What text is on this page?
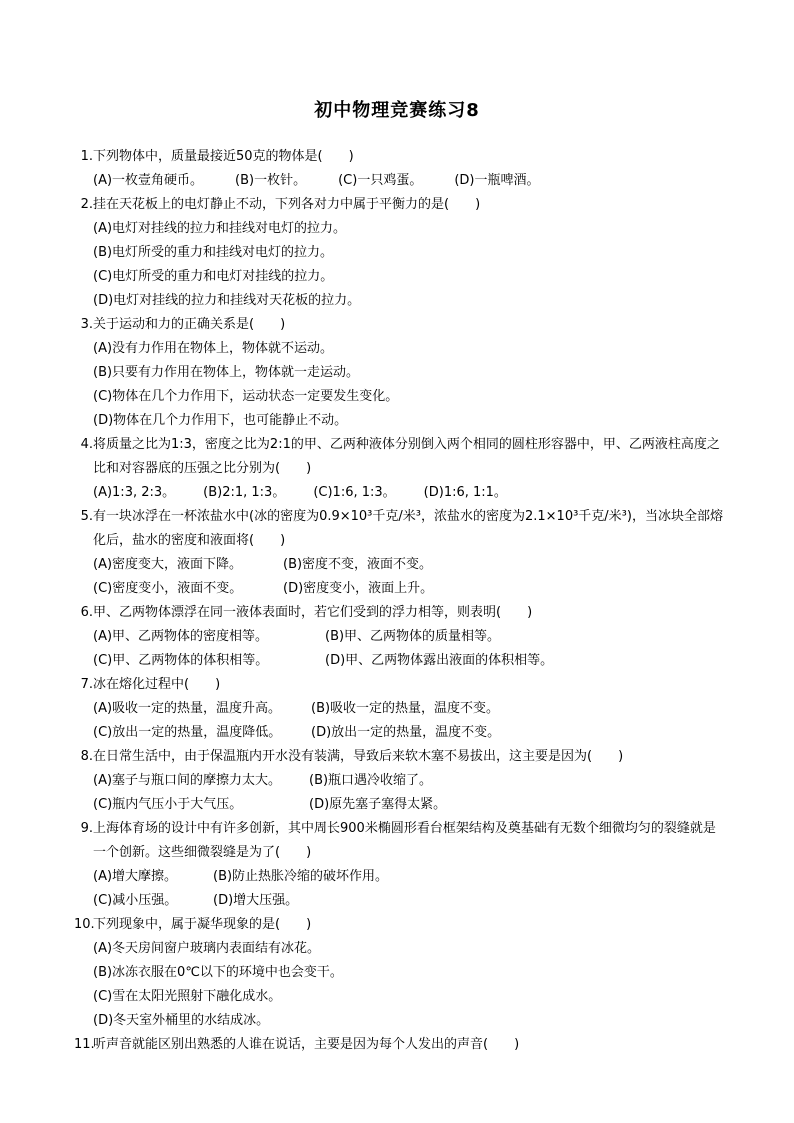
初中物理竞赛练习8
1. 下列物体中，质量最接近50克的物体是(　　)
(A)一枚壹角硬币。 (B)一枚针。 (C)一只鸡蛋。 (D)一瓶啤酒。
2. 挂在天花板上的电灯静止不动，下列各对力中属于平衡力的是(　　)
(A)电灯对挂线的拉力和挂线对电灯的拉力。
(B)电灯所受的重力和挂线对电灯的拉力。
(C)电灯所受的重力和电灯对挂线的拉力。
(D)电灯对挂线的拉力和挂线对天花板的拉力。
3. 关于运动和力的正确关系是(　　)
(A)没有力作用在物体上，物体就不运动。
(B)只要有力作用在物体上，物体就一走运动。
(C)物体在几个力作用下，运动状态一定要发生变化。
(D)物体在几个力作用下，也可能静止不动。
4. 将质量之比为1:3，密度之比为2:1的甲、乙两种液体分别倒入两个相同的圆柱形容器中，甲、乙两液柱高度之比和对容器底的压强之比分别为(　　)
(A)1:3, 2:3。 (B)2:1, 1:3。 (C)1:6, 1:3。 (D)1:6, 1:1。
5. 有一块冰浮在一杯浓盐水中(冰的密度为0.9×10³千克/米³，浓盐水的密度为2.1×10³千克/米³)，当冰块全部熔化后，盐水的密度和液面将(　　)
(A)密度变大，液面下降。	(B)密度不变，液面不变。
(C)密度变小，液面不变。	(D)密度变小，液面上升。
6. 甲、乙两物体漂浮在同一液体表面时，若它们受到的浮力相等，则表明(　　)
(A)甲、乙两物体的密度相等。	(B)甲、乙两物体的质量相等。
(C)甲、乙两物体的体积相等。	(D)甲、乙两物体露出液面的体积相等。
7. 冰在熔化过程中(　　)
(A)吸收一定的热量，温度升高。 (B)吸收一定的热量，温度不变。
(C)放出一定的热量，温度降低。 (D)放出一定的热量，温度不变。
8. 在日常生活中，由于保温瓶内开水没有装满，导致后来软木塞不易拔出，这主要是因为(　　)
(A)塞子与瓶口间的摩擦力太大。 (B)瓶口遇冷收缩了。
(C)瓶内气压小于大气压。	(D)原先塞子塞得太紧。
9. 上海体育场的设计中有许多创新，其中周长900米椭圆形看台框架结构及奠基础有无数个细微均匀的裂缝就是一个创新。这些细微裂缝是为了(　　)
(A)增大摩擦。	(B)防止热胀冷缩的破坏作用。
(C)减小压强。	(D)增大压强。
10.
下列现象中，属于凝华现象的是(　　)
(A)冬天房间窗户玻璃内表面结有冰花。
(B)冰冻衣服在0℃以下的环境中也会变干。
(C)雪在太阳光照射下融化成水。
(D)冬天室外桶里的水结成冰。
11.
听声音就能区别出熟悉的人谁在说话，主要是因为每个人发出的声音(　　)
